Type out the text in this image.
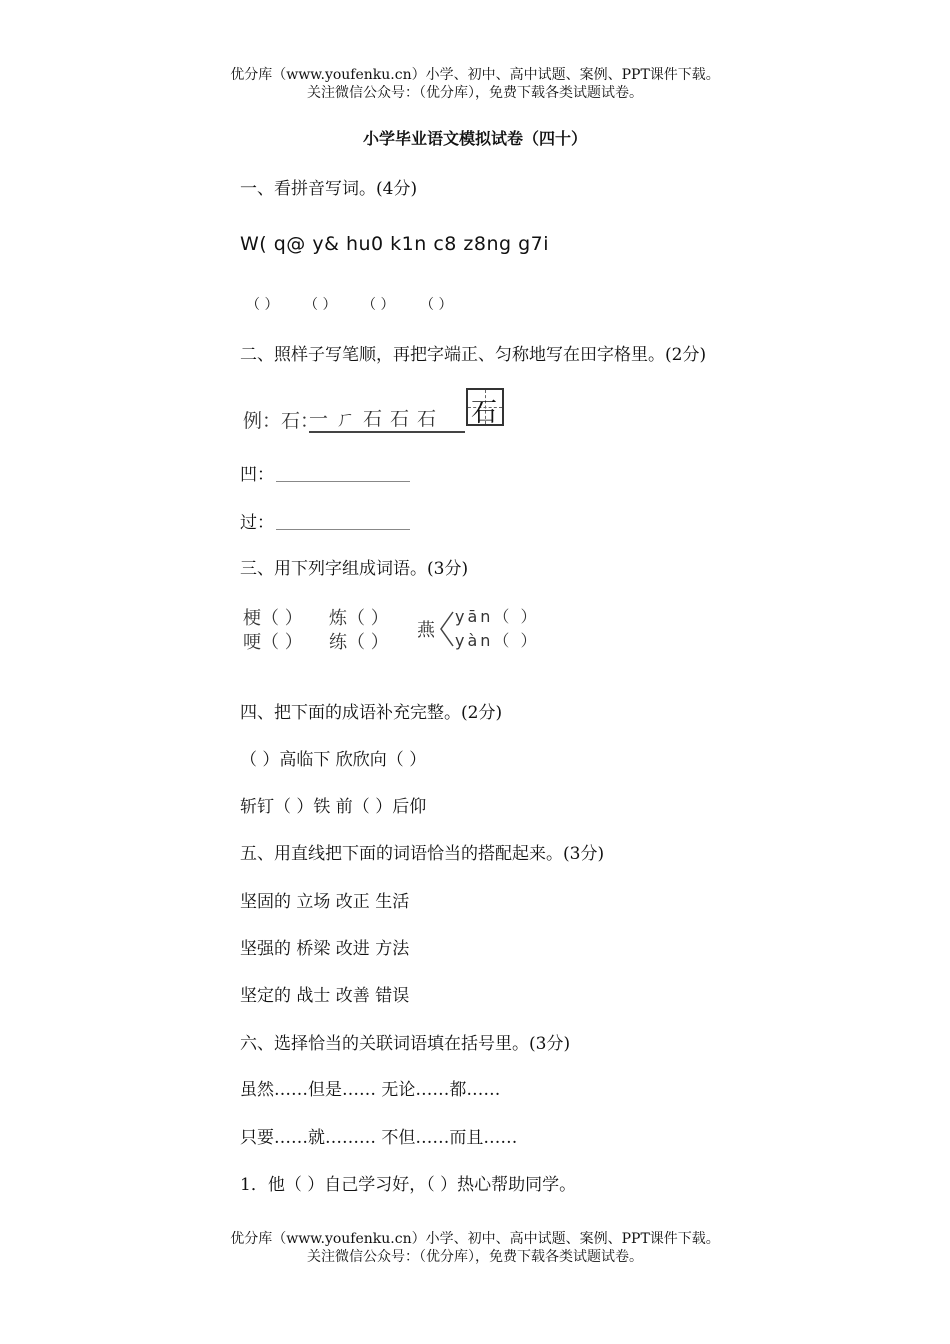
优分库（www.youfenku.cn）小学、初中、高中试题、案例、PPT课件下载。
关注微信公众号：（优分库），免费下载各类试题试卷。
小学毕业语文模拟试卷（四十）
一、看拼音写词。(4分)
W( q@ y& hu0 k1n c8 z8ng g7i
（ ） （ ） （ ） （ ）
二、照样子写笔顺，再把字端正、匀称地写在田字格里。(2分)
例：石：
一ㄏ石石石	石
凹：
过：
三、用下列字组成词语。(3分)
梗（ ）
哽（ ）
炼（ ）
练（ ）
燕
yān（ ）
yàn（ ）
四、把下面的成语补充完整。(2分)
（ ）高临下 欣欣向（ ）
斩钉（ ）铁 前（ ）后仰
五、用直线把下面的词语恰当的搭配起来。(3分)
坚固的 立场 改正 生活
坚强的 桥梁 改进 方法
坚定的 战士 改善 错误
六、选择恰当的关联词语填在括号里。(3分)
虽然……但是…… 无论……都……
只要……就……… 不但……而且……
1．他（ ）自己学习好，（ ）热心帮助同学。
优分库（www.youfenku.cn）小学、初中、高中试题、案例、PPT课件下载。
关注微信公众号：（优分库），免费下载各类试题试卷。
